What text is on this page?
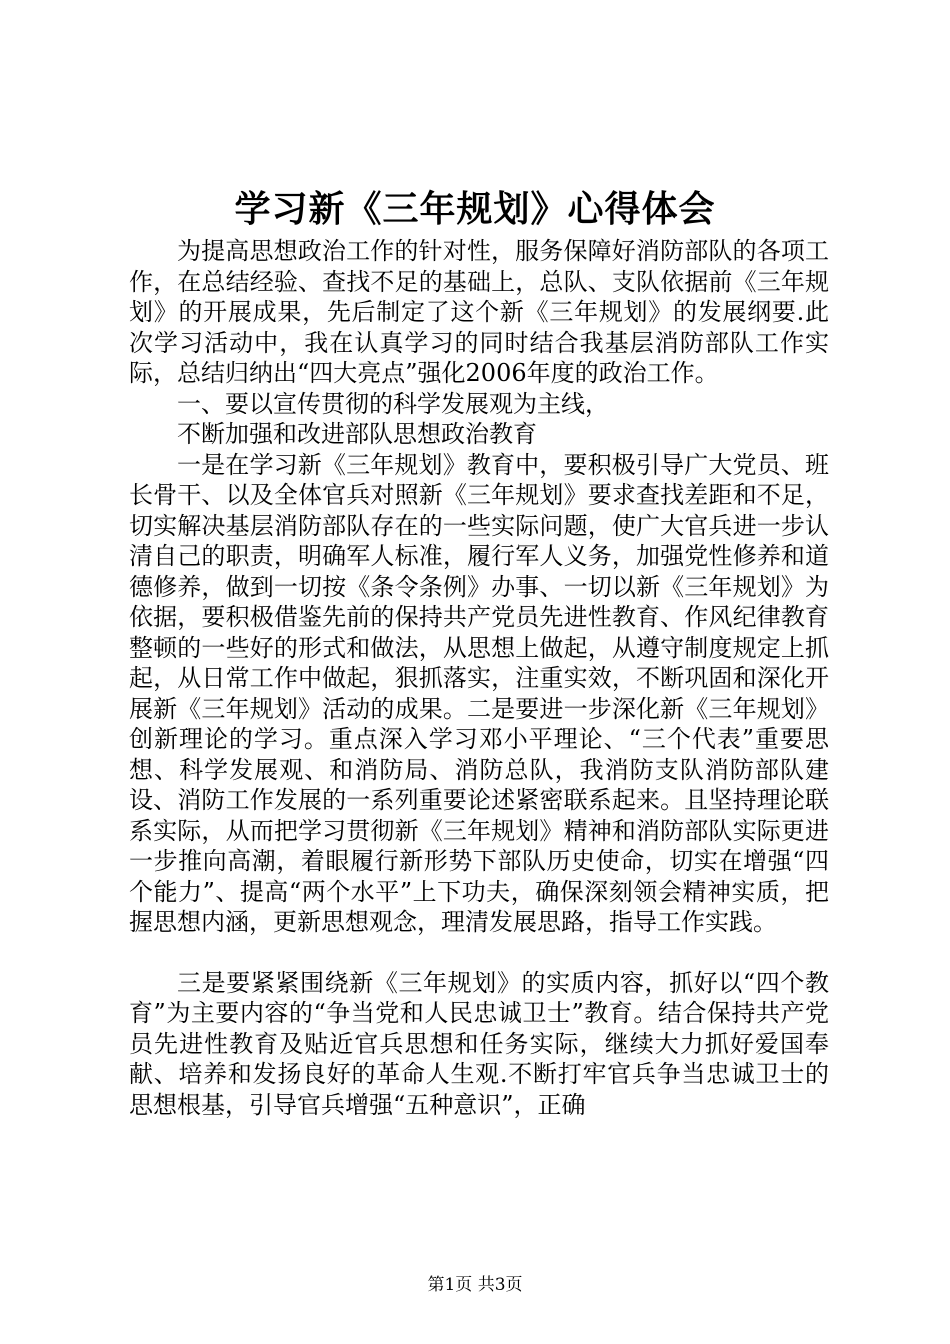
学习新《三年规划》心得体会

为提高思想政治工作的针对性，服务保障好消防部队的各项工作，在总结经验、查找不足的基础上，总队、支队依据前《三年规划》的开展成果，先后制定了这个新《三年规划》的发展纲要.此次学习活动中，我在认真学习的同时结合我基层消防部队工作实际，总结归纳出“四大亮点”强化2006年度的政治工作。

一、要以宣传贯彻的科学发展观为主线，

不断加强和改进部队思想政治教育

一是在学习新《三年规划》教育中，要积极引导广大党员、班长骨干、以及全体官兵对照新《三年规划》要求查找差距和不足，切实解决基层消防部队存在的一些实际问题，使广大官兵进一步认清自己的职责，明确军人标准，履行军人义务，加强党性修养和道德修养，做到一切按《条令条例》办事、一切以新《三年规划》为依据，要积极借鉴先前的保持共产党员先进性教育、作风纪律教育整顿的一些好的形式和做法，从思想上做起，从遵守制度规定上抓起，从日常工作中做起，狠抓落实，注重实效，不断巩固和深化开展新《三年规划》活动的成果。二是要进一步深化新《三年规划》创新理论的学习。重点深入学习邓小平理论、“三个代表”重要思想、科学发展观、和消防局、消防总队，我消防支队消防部队建设、消防工作发展的一系列重要论述紧密联系起来。且坚持理论联系实际，从而把学习贯彻新《三年规划》精神和消防部队实际更进一步推向高潮，着眼履行新形势下部队历史使命，切实在增强“四个能力”、提高“两个水平”上下功夫，确保深刻领会精神实质，把握思想内涵，更新思想观念，理清发展思路，指导工作实践。

三是要紧紧围绕新《三年规划》的实质内容，抓好以“四个教育”为主要内容的“争当党和人民忠诚卫士”教育。结合保持共产党员先进性教育及贴近官兵思想和任务实际，继续大力抓好爱国奉献、培养和发扬良好的革命人生观.不断打牢官兵争当忠诚卫士的思想根基，引导官兵增强“五种意识”，正确

第1页 共3页
